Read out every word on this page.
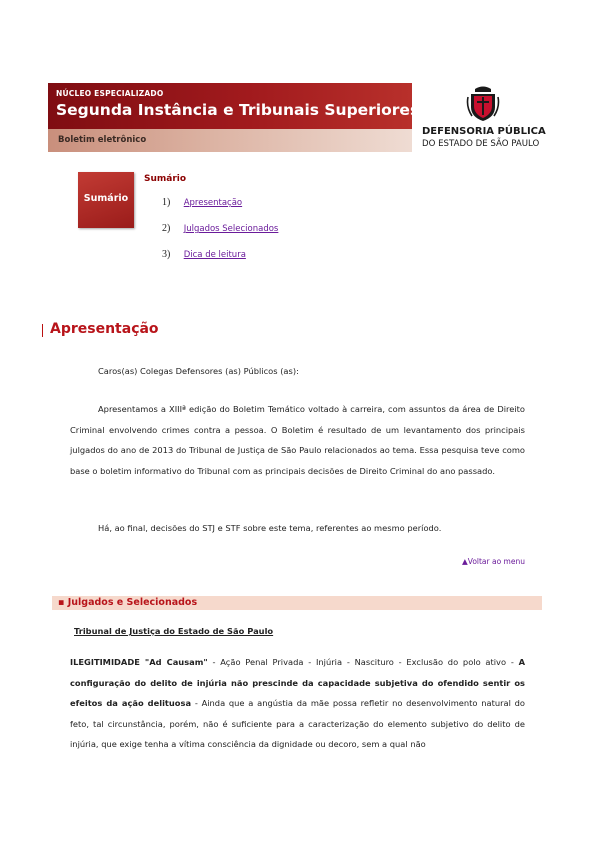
NÚCLEO ESPECIALIZADO
Segunda Instância e Tribunais Superiores
Boletim eletrônico
DEFENSORIA PÚBLICA
DO ESTADO DE SÃO PAULO
Sumário
Sumário
1) Apresentação
2) Julgados Selecionados
3) Dica de leitura
Apresentação
Caros(as) Colegas Defensores (as) Públicos (as):
Apresentamos a XIIIª edição do Boletim Temático voltado à carreira, com assuntos da área de Direito Criminal envolvendo crimes contra a pessoa. O Boletim é resultado de um levantamento dos principais julgados do ano de 2013 do Tribunal de Justiça de São Paulo relacionados ao tema. Essa pesquisa teve como base o boletim informativo do Tribunal com as principais decisões de Direito Criminal do ano passado.
Há, ao final, decisões do STJ e STF sobre este tema, referentes ao mesmo período.
▲Voltar ao menu
▪ Julgados e Selecionados
Tribunal de Justiça do Estado de São Paulo
ILEGITIMIDADE "Ad Causam" - Ação Penal Privada - Injúria - Nascituro - Exclusão do polo ativo - A configuração do delito de injúria não prescinde da capacidade subjetiva do ofendido sentir os efeitos da ação delituosa - Ainda que a angústia da mãe possa refletir no desenvolvimento natural do feto, tal circunstância, porém, não é suficiente para a caracterização do elemento subjetivo do delito de injúria, que exige tenha a vítima consciência da dignidade ou decoro, sem a qual não
